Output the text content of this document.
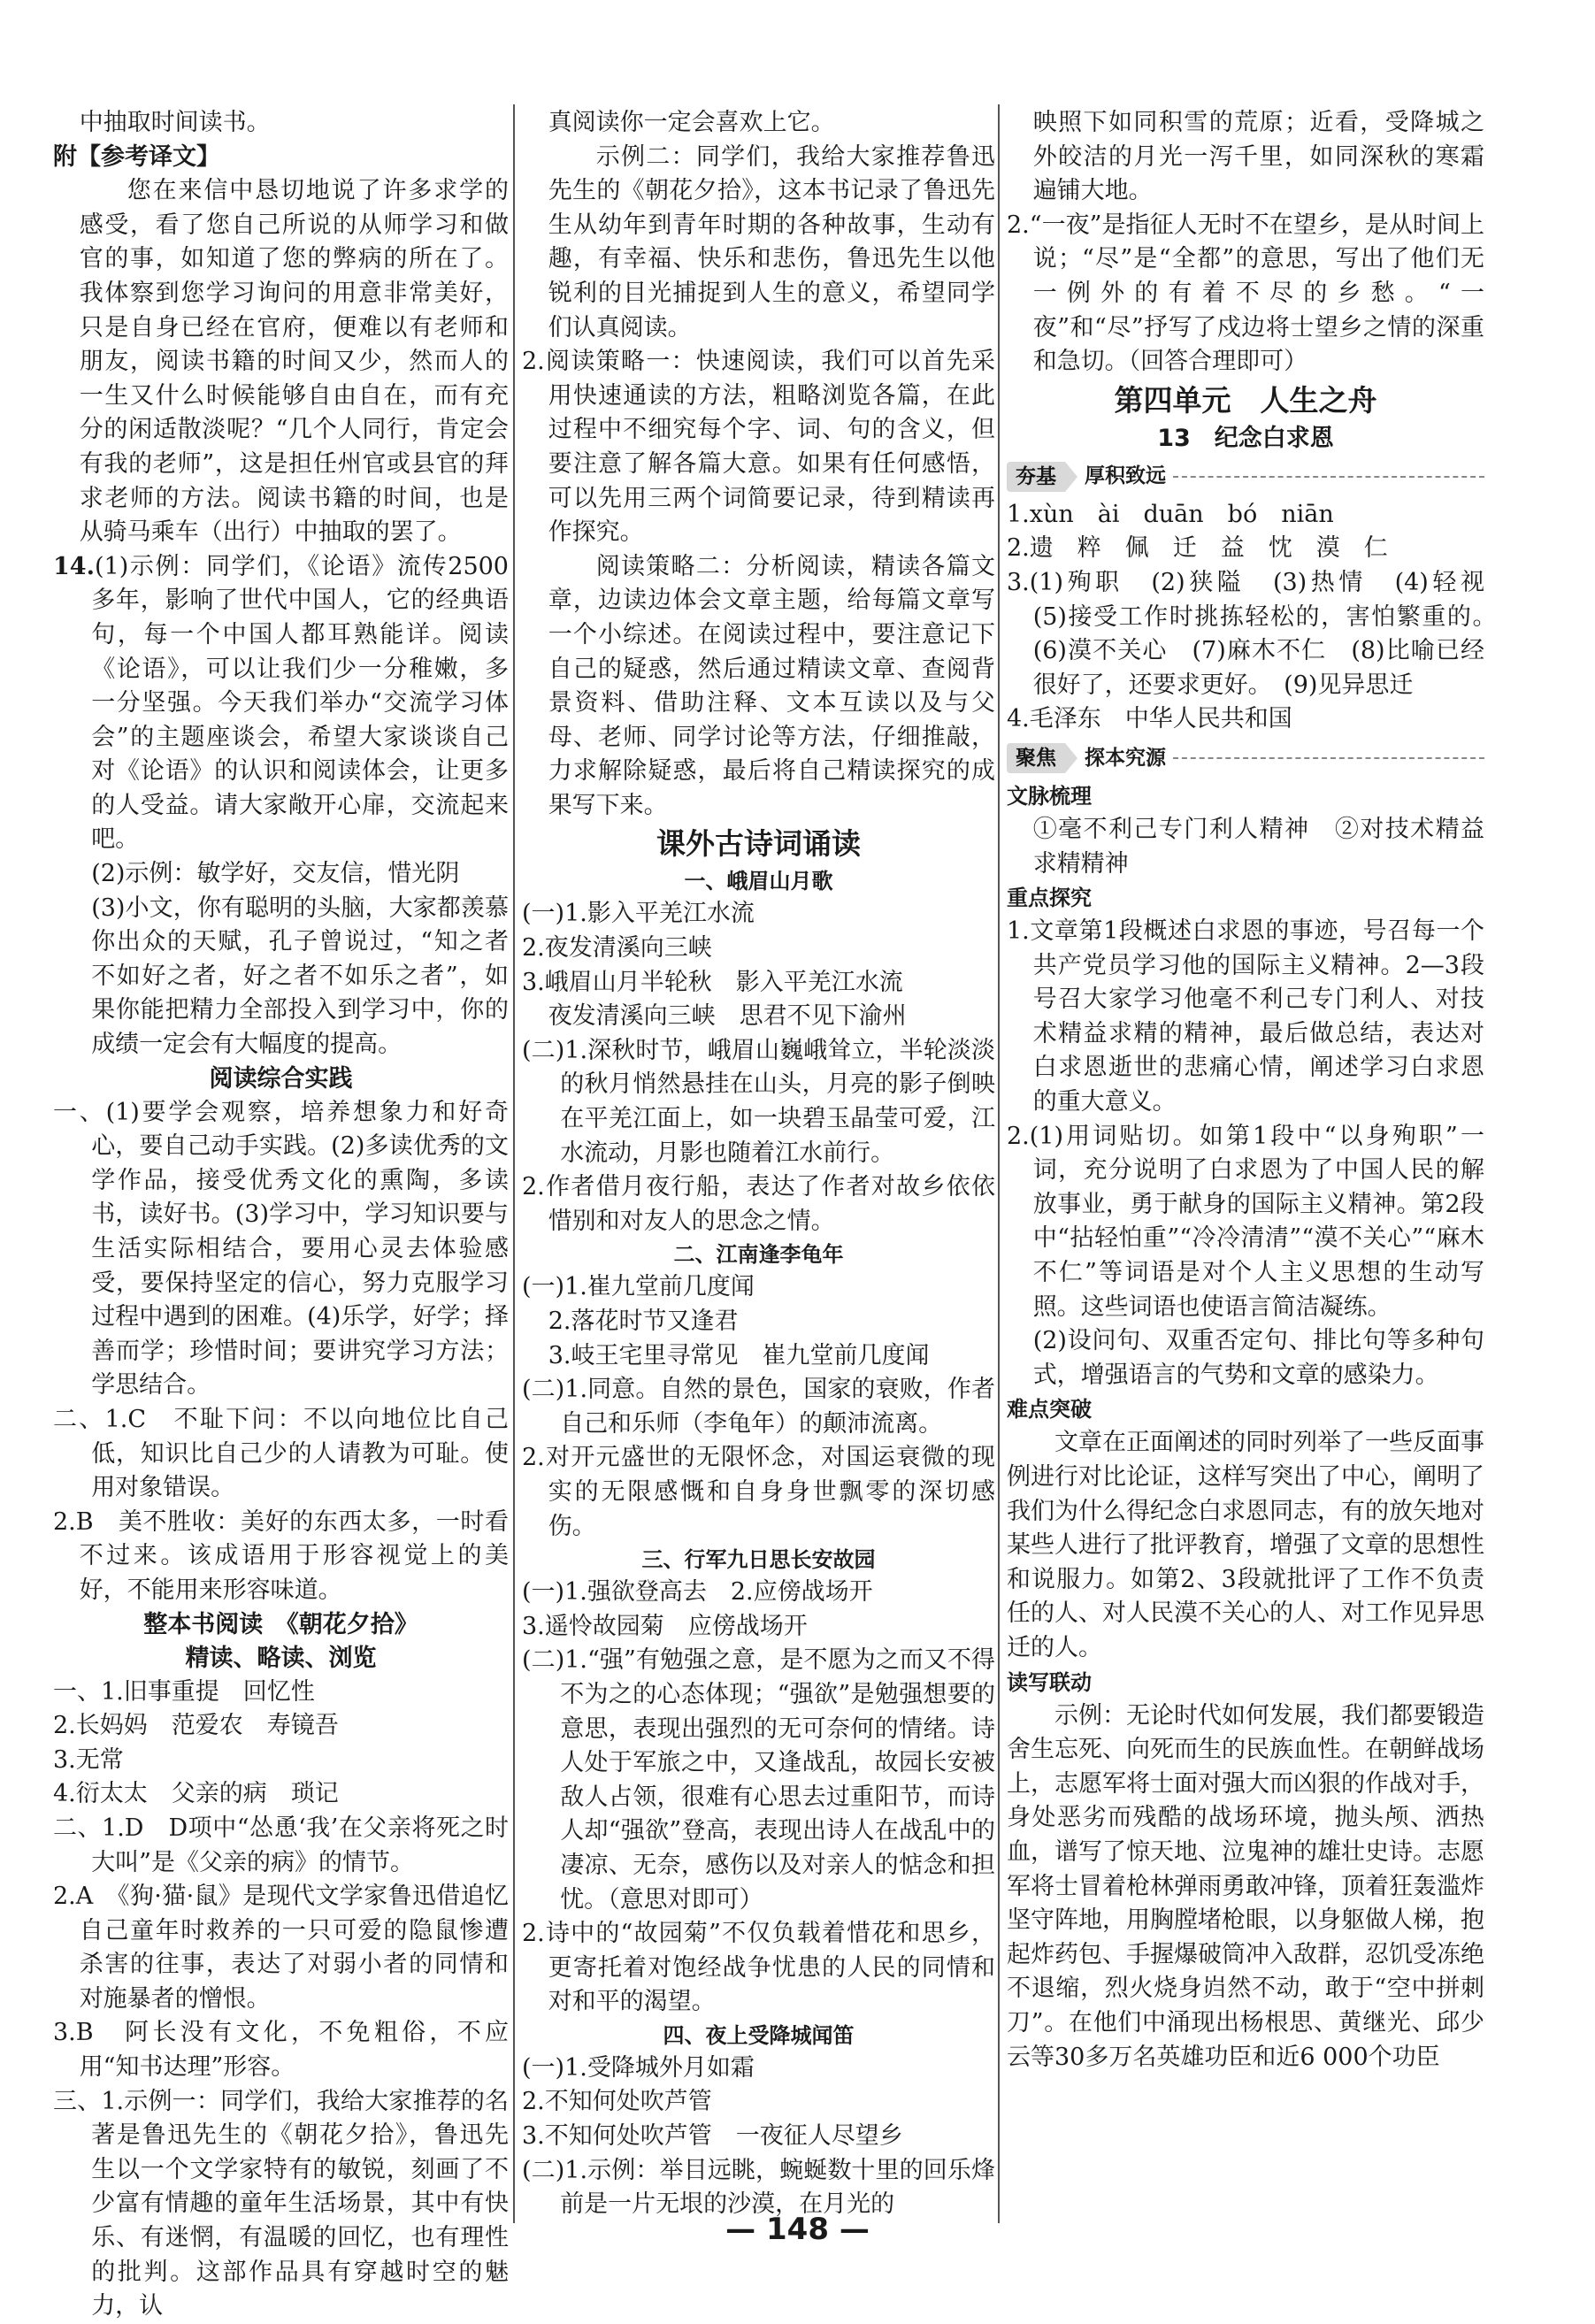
中抽取时间读书。

附【参考译文】

您在来信中恳切地说了许多求学的感受，看了您自己所说的从师学习和做官的事，如知道了您的弊病的所在了。我体察到您学习询问的用意非常美好，只是自身已经在官府，便难以有老师和朋友，阅读书籍的时间又少，然而人的一生又什么时候能够自由自在，而有充分的闲适散淡呢？“几个人同行，肯定会有我的老师”，这是担任州官或县官的拜求老师的方法。阅读书籍的时间，也是从骑马乘车（出行）中抽取的罢了。

14.(1)示例：同学们，《论语》流传2500多年，影响了世代中国人，它的经典语句，每一个中国人都耳熟能详。阅读《论语》，可以让我们少一分稚嫩，多一分坚强。今天我们举办“交流学习体会”的主题座谈会，希望大家谈谈自己对《论语》的认识和阅读体会，让更多的人受益。请大家敞开心扉，交流起来吧。

(2)示例：敏学好，交友信，惜光阴

(3)小文，你有聪明的头脑，大家都羡慕你出众的天赋，孔子曾说过，“知之者不如好之者，好之者不如乐之者”，如果你能把精力全部投入到学习中，你的成绩一定会有大幅度的提高。

阅读综合实践

一、(1)要学会观察，培养想象力和好奇心，要自己动手实践。(2)多读优秀的文学作品，接受优秀文化的熏陶，多读书，读好书。(3)学习中，学习知识要与生活实际相结合，要用心灵去体验感受，要保持坚定的信心，努力克服学习过程中遇到的困难。(4)乐学，好学；择善而学；珍惜时间；要讲究学习方法；学思结合。

二、1.C　不耻下问：不以向地位比自己低，知识比自己少的人请教为可耻。使用对象错误。

2.B　美不胜收：美好的东西太多，一时看不过来。该成语用于形容视觉上的美好，不能用来形容味道。

整本书阅读　《朝花夕拾》
精读、略读、浏览

一、1.旧事重提　回忆性

2.长妈妈　范爱农　寿镜吾

3.无常

4.衍太太　父亲的病　琐记

二、1.D　D项中“怂恿‘我’在父亲将死之时大叫”是《父亲的病》的情节。

2.A　《狗·猫·鼠》是现代文学家鲁迅借追忆自己童年时救养的一只可爱的隐鼠惨遭杀害的往事，表达了对弱小者的同情和对施暴者的憎恨。

3.B　阿长没有文化，不免粗俗，不应用“知书达理”形容。

三、1.示例一：同学们，我给大家推荐的名著是鲁迅先生的《朝花夕拾》，鲁迅先生以一个文学家特有的敏锐，刻画了不少富有情趣的童年生活场景，其中有快乐、有迷惘，有温暖的回忆，也有理性的批判。这部作品具有穿越时空的魅力，认

真阅读你一定会喜欢上它。

示例二：同学们，我给大家推荐鲁迅先生的《朝花夕拾》，这本书记录了鲁迅先生从幼年到青年时期的各种故事，生动有趣，有幸福、快乐和悲伤，鲁迅先生以他锐利的目光捕捉到人生的意义，希望同学们认真阅读。

2.阅读策略一：快速阅读，我们可以首先采用快速通读的方法，粗略浏览各篇，在此过程中不细究每个字、词、句的含义，但要注意了解各篇大意。如果有任何感悟，可以先用三两个词简要记录，待到精读再作探究。

阅读策略二：分析阅读，精读各篇文章，边读边体会文章主题，给每篇文章写一个小综述。在阅读过程中，要注意记下自己的疑惑，然后通过精读文章、查阅背景资料、借助注释、文本互读以及与父母、老师、同学讨论等方法，仔细推敲，力求解除疑惑，最后将自己精读探究的成果写下来。

课外古诗词诵读
一、峨眉山月歌

(一)1.影入平羌江水流

2.夜发清溪向三峡

3.峨眉山月半轮秋　影入平羌江水流

夜发清溪向三峡　思君不见下渝州

(二)1.深秋时节，峨眉山巍峨耸立，半轮淡淡的秋月悄然悬挂在山头，月亮的影子倒映在平羌江面上，如一块碧玉晶莹可爱，江水流动，月影也随着江水前行。

2.作者借月夜行船，表达了作者对故乡依依惜别和对友人的思念之情。

二、江南逢李龟年

(一)1.崔九堂前几度闻

2.落花时节又逢君

3.岐王宅里寻常见　崔九堂前几度闻

(二)1.同意。自然的景色，国家的衰败，作者自己和乐师（李龟年）的颠沛流离。

2.对开元盛世的无限怀念，对国运衰微的现实的无限感慨和自身身世飘零的深切感伤。

三、行军九日思长安故园

(一)1.强欲登高去　2.应傍战场开

3.遥怜故园菊　应傍战场开

(二)1.“强”有勉强之意，是不愿为之而又不得不为之的心态体现；“强欲”是勉强想要的意思，表现出强烈的无可奈何的情绪。诗人处于军旅之中，又逢战乱，故园长安被敌人占领，很难有心思去过重阳节，而诗人却“强欲”登高，表现出诗人在战乱中的凄凉、无奈，感伤以及对亲人的惦念和担忧。（意思对即可）

2.诗中的“故园菊”不仅负载着惜花和思乡，更寄托着对饱经战争忧患的人民的同情和对和平的渴望。

四、夜上受降城闻笛

(一)1.受降城外月如霜

2.不知何处吹芦管

3.不知何处吹芦管　一夜征人尽望乡

(二)1.示例：举目远眺，蜿蜒数十里的回乐烽前是一片无垠的沙漠，在月光的

映照下如同积雪的荒原；近看，受降城之外皎洁的月光一泻千里，如同深秋的寒霜遍铺大地。

2.“一夜”是指征人无时不在望乡，是从时间上说；“尽”是“全都”的意思，写出了他们无一例外的有着不尽的乡愁。“一夜”和“尽”抒写了戍边将士望乡之情的深重和急切。（回答合理即可）

第四单元　人生之舟
13　纪念白求恩
夯基	厚积致远

1.xùn　ài　duān　bó　niān

2.遗　粹　佩　迁　益　忱　漠　仁

3.(1)殉职　(2)狭隘　(3)热情　(4)轻视　(5)接受工作时挑拣轻松的，害怕繁重的。　(6)漠不关心　(7)麻木不仁　(8)比喻已经很好了，还要求更好。　(9)见异思迁

4.毛泽东　中华人民共和国

聚焦	探本究源
文脉梳理

①毫不利己专门利人精神　②对技术精益求精精神

重点探究

1.文章第1段概述白求恩的事迹，号召每一个共产党员学习他的国际主义精神。2—3段号召大家学习他毫不利己专门利人、对技术精益求精的精神，最后做总结，表达对白求恩逝世的悲痛心情，阐述学习白求恩的重大意义。

2.(1)用词贴切。如第1段中“以身殉职”一词，充分说明了白求恩为了中国人民的解放事业，勇于献身的国际主义精神。第2段中“拈轻怕重”“冷冷清清”“漠不关心”“麻木不仁”等词语是对个人主义思想的生动写照。这些词语也使语言简洁凝练。

(2)设问句、双重否定句、排比句等多种句式，增强语言的气势和文章的感染力。

难点突破

文章在正面阐述的同时列举了一些反面事例进行对比论证，这样写突出了中心，阐明了我们为什么得纪念白求恩同志，有的放矢地对某些人进行了批评教育，增强了文章的思想性和说服力。如第2、3段就批评了工作不负责任的人、对人民漠不关心的人、对工作见异思迁的人。

读写联动

示例：无论时代如何发展，我们都要锻造舍生忘死、向死而生的民族血性。在朝鲜战场上，志愿军将士面对强大而凶狠的作战对手，身处恶劣而残酷的战场环境，抛头颅、洒热血，谱写了惊天地、泣鬼神的雄壮史诗。志愿军将士冒着枪林弹雨勇敢冲锋，顶着狂轰滥炸坚守阵地，用胸膛堵枪眼，以身躯做人梯，抱起炸药包、手握爆破筒冲入敌群，忍饥受冻绝不退缩，烈火烧身岿然不动，敢于“空中拼刺刀”。在他们中涌现出杨根思、黄继光、邱少云等30多万名英雄功臣和近6 000个功臣

— 148 —
